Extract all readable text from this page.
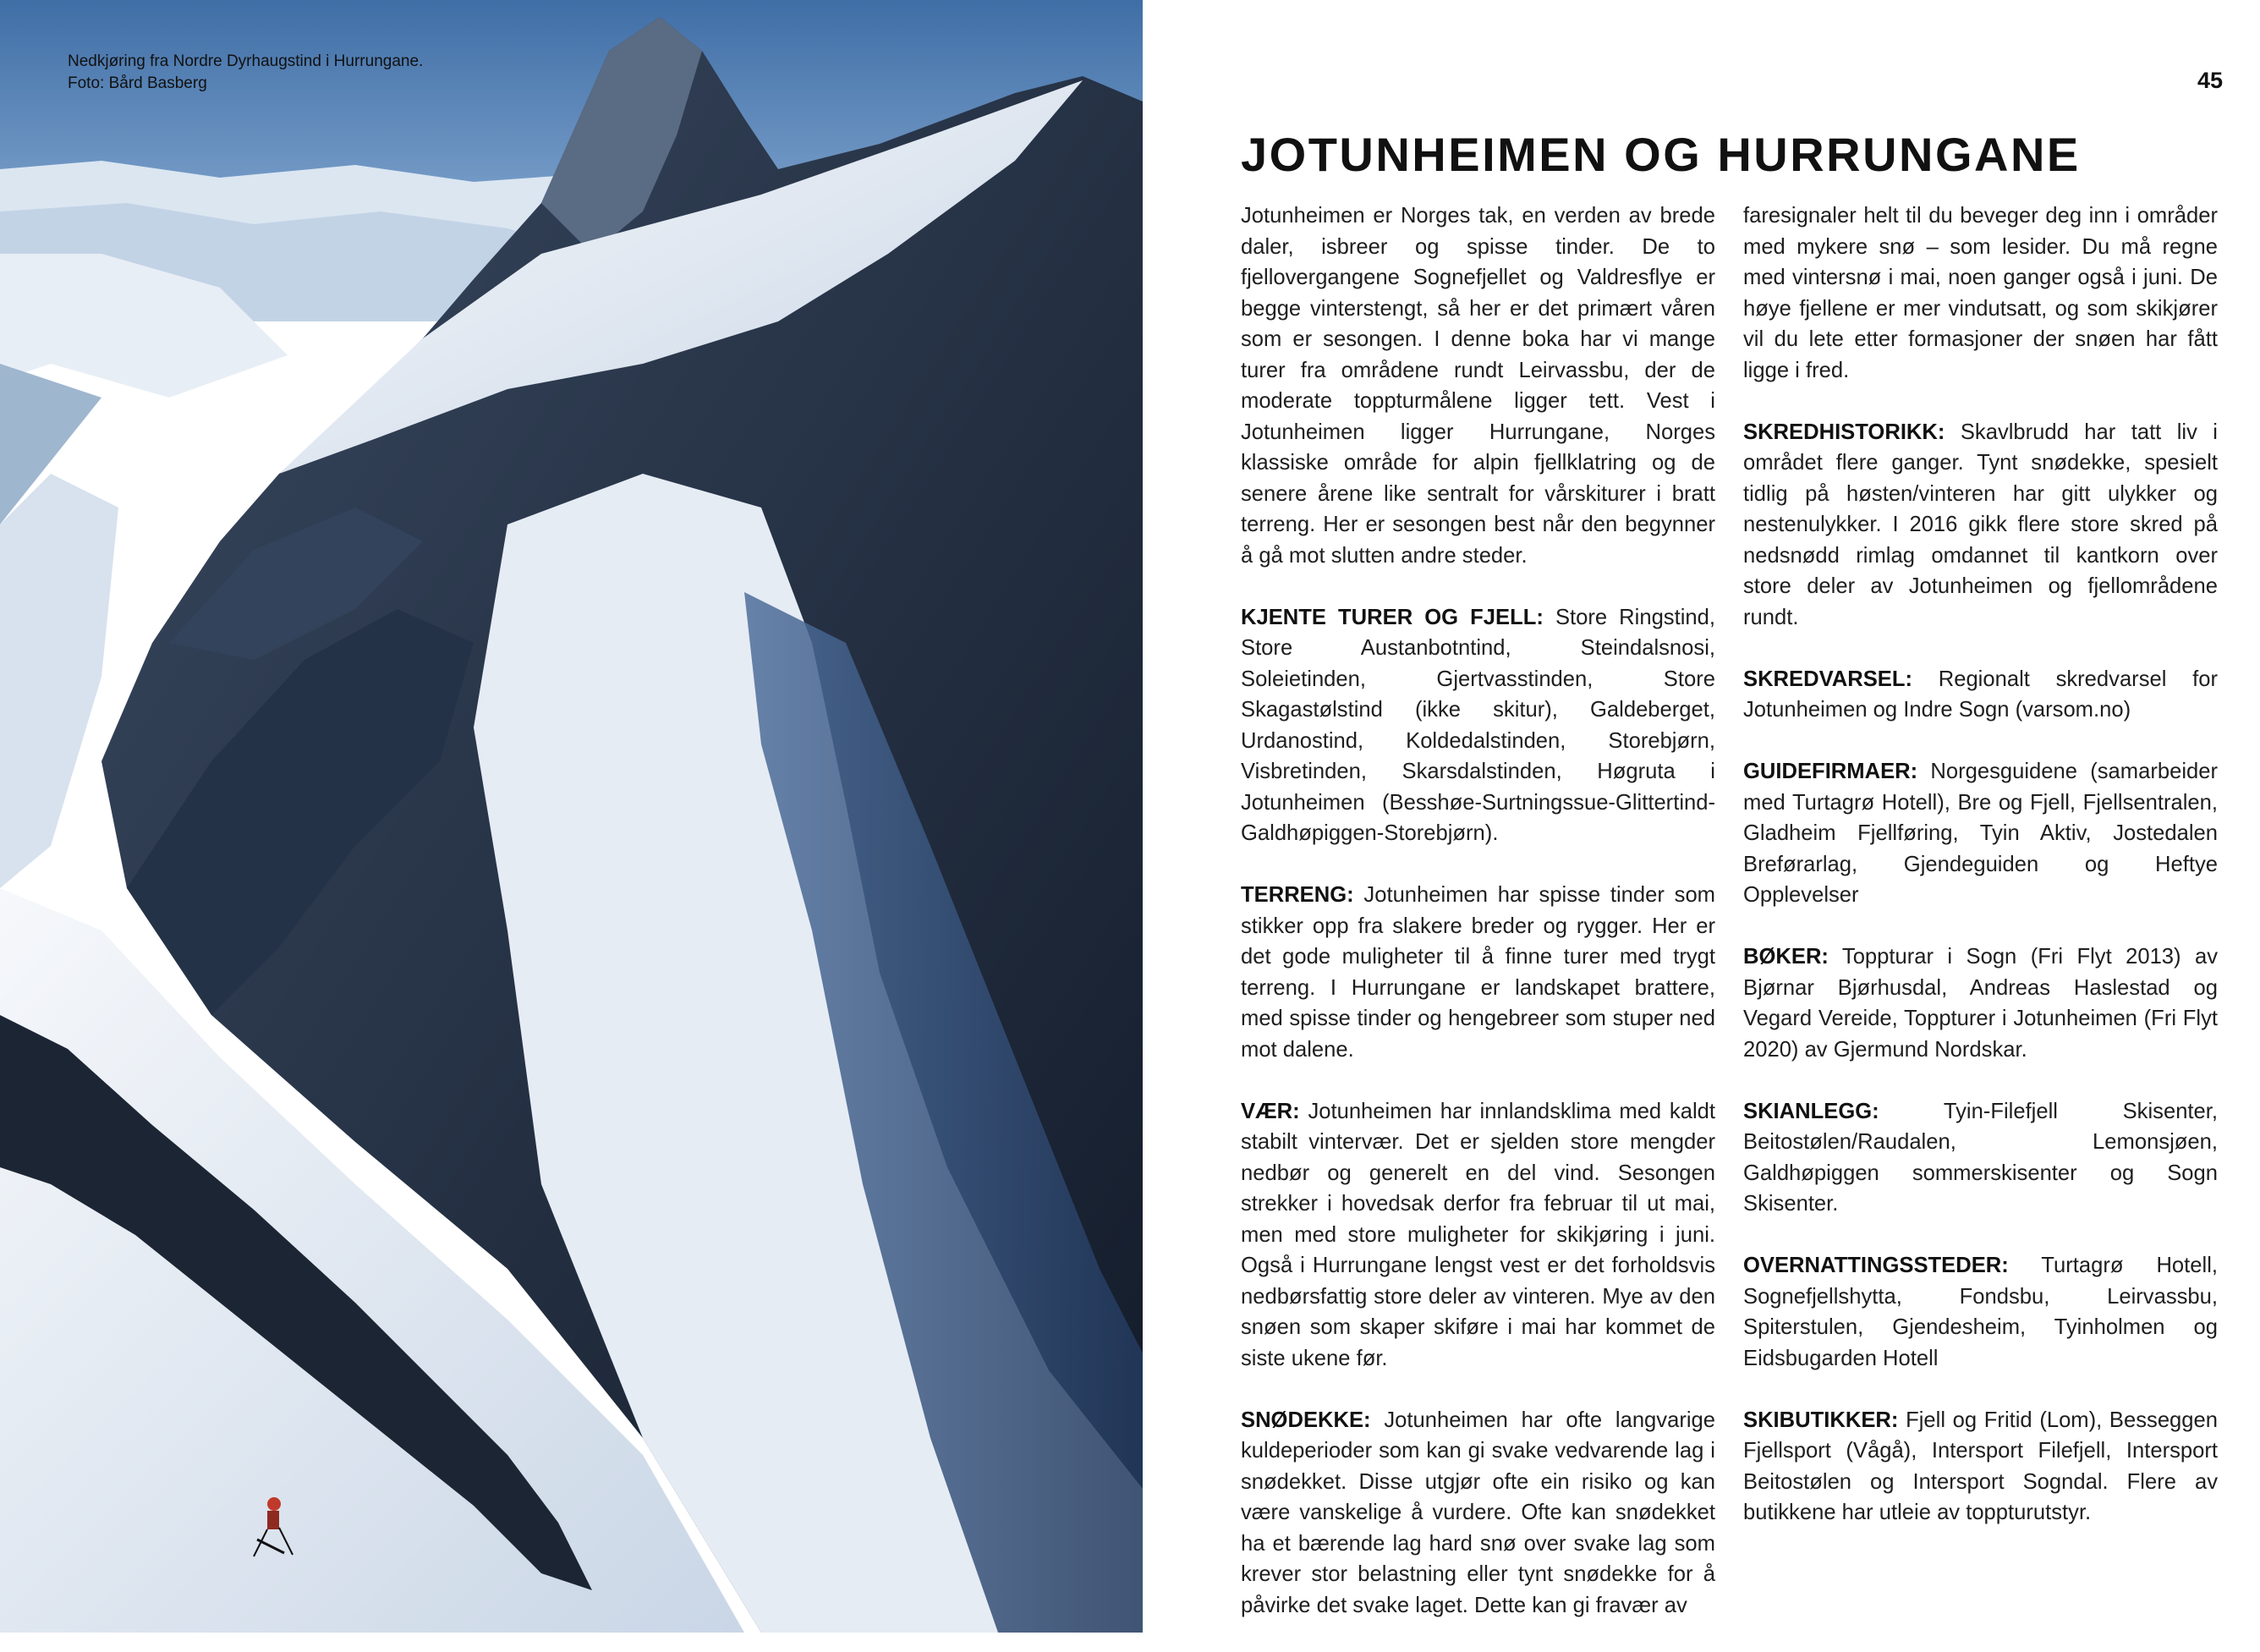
Nedkjøring fra Nordre Dyrhaugstind i Hurrungane.
Foto: Bård Basberg	45
JOTUNHEIMEN OG HURRUNGANE

Jotunheimen er Norges tak, en verden av brede daler, isbreer og spisse tinder. De to fjellovergangene Sognefjellet og Valdresflye er begge vinterstengt, så her er det primært våren som er sesongen. I denne boka har vi mange turer fra områdene rundt Leirvassbu, der de moderate toppturmålene ligger tett. Vest i Jotunheimen ligger Hurrungane, Norges klassiske område for alpin fjellklatring og de senere årene like sentralt for vårskiturer i bratt terreng. Her er sesongen best når den begynner å gå mot slutten andre steder.

KJENTE TURER OG FJELL: Store Ringstind, Store Austanbotntind, Steindalsnosi, Soleietinden, Gjertvasstinden, Store Skagastølstind (ikke skitur), Galdeberget, Urdanostind, Koldedalstinden, Storebjørn, Visbretinden, Skarsdalstinden, Høgruta i Jotunheimen (Besshøe-Surtningssue-Glittertind-Galdhøpiggen-Storebjørn).

TERRENG: Jotunheimen har spisse tinder som stikker opp fra slakere breder og rygger. Her er det gode muligheter til å finne turer med trygt terreng. I Hurrungane er landskapet brattere, med spisse tinder og hengebreer som stuper ned mot dalene.

VÆR: Jotunheimen har innlandsklima med kaldt stabilt vintervær. Det er sjelden store mengder nedbør og generelt en del vind. Sesongen strekker i hovedsak derfor fra februar til ut mai, men med store muligheter for skikjøring i juni. Også i Hurrungane lengst vest er det forholdsvis nedbørsfattig store deler av vinteren. Mye av den snøen som skaper skiføre i mai har kommet de siste ukene før.

SNØDEKKE: Jotunheimen har ofte langvarige kuldeperioder som kan gi svake vedvarende lag i snødekket. Disse utgjør ofte ein risiko og kan være vanskelige å vurdere. Ofte kan snødekket ha et bærende lag hard snø over svake lag som krever stor belastning eller tynt snødekke for å påvirke det svake laget. Dette kan gi fravær av

faresignaler helt til du beveger deg inn i områder med mykere snø – som lesider. Du må regne med vintersnø i mai, noen ganger også i juni. De høye fjellene er mer vindutsatt, og som skikjører vil du lete etter formasjoner der snøen har fått ligge i fred.

SKREDHISTORIKK: Skavlbrudd har tatt liv i området flere ganger. Tynt snødekke, spesielt tidlig på høsten/vinteren har gitt ulykker og nestenulykker. I 2016 gikk flere store skred på nedsnødd rimlag omdannet til kantkorn over store deler av Jotunheimen og fjellområdene rundt.

SKREDVARSEL: Regionalt skredvarsel for Jotunheimen og Indre Sogn (varsom.no)

GUIDEFIRMAER: Norgesguidene (samarbeider med Turtagrø Hotell), Bre og Fjell, Fjellsentralen, Gladheim Fjellføring, Tyin Aktiv, Jostedalen Breførarlag, Gjendeguiden og Heftye Opplevelser

BØKER: Toppturar i Sogn (Fri Flyt 2013) av Bjørnar Bjørhusdal, Andreas Haslestad og Vegard Vereide, Toppturer i Jotunheimen (Fri Flyt 2020) av Gjermund Nordskar.

SKIANLEGG: Tyin-Filefjell Skisenter, Beitostølen/Raudalen, Lemonsjøen, Galdhøpiggen sommerskisenter og Sogn Skisenter.

OVERNATTINGSSTEDER: Turtagrø Hotell, Sognefjellshytta, Fondsbu, Leirvassbu, Spiterstulen, Gjendesheim, Tyinholmen og Eidsbugarden Hotell

SKIBUTIKKER: Fjell og Fritid (Lom), Besseggen Fjellsport (Vågå), Intersport Filefjell, Intersport Beitostølen og Intersport Sogndal. Flere av butikkene har utleie av toppturutstyr.
